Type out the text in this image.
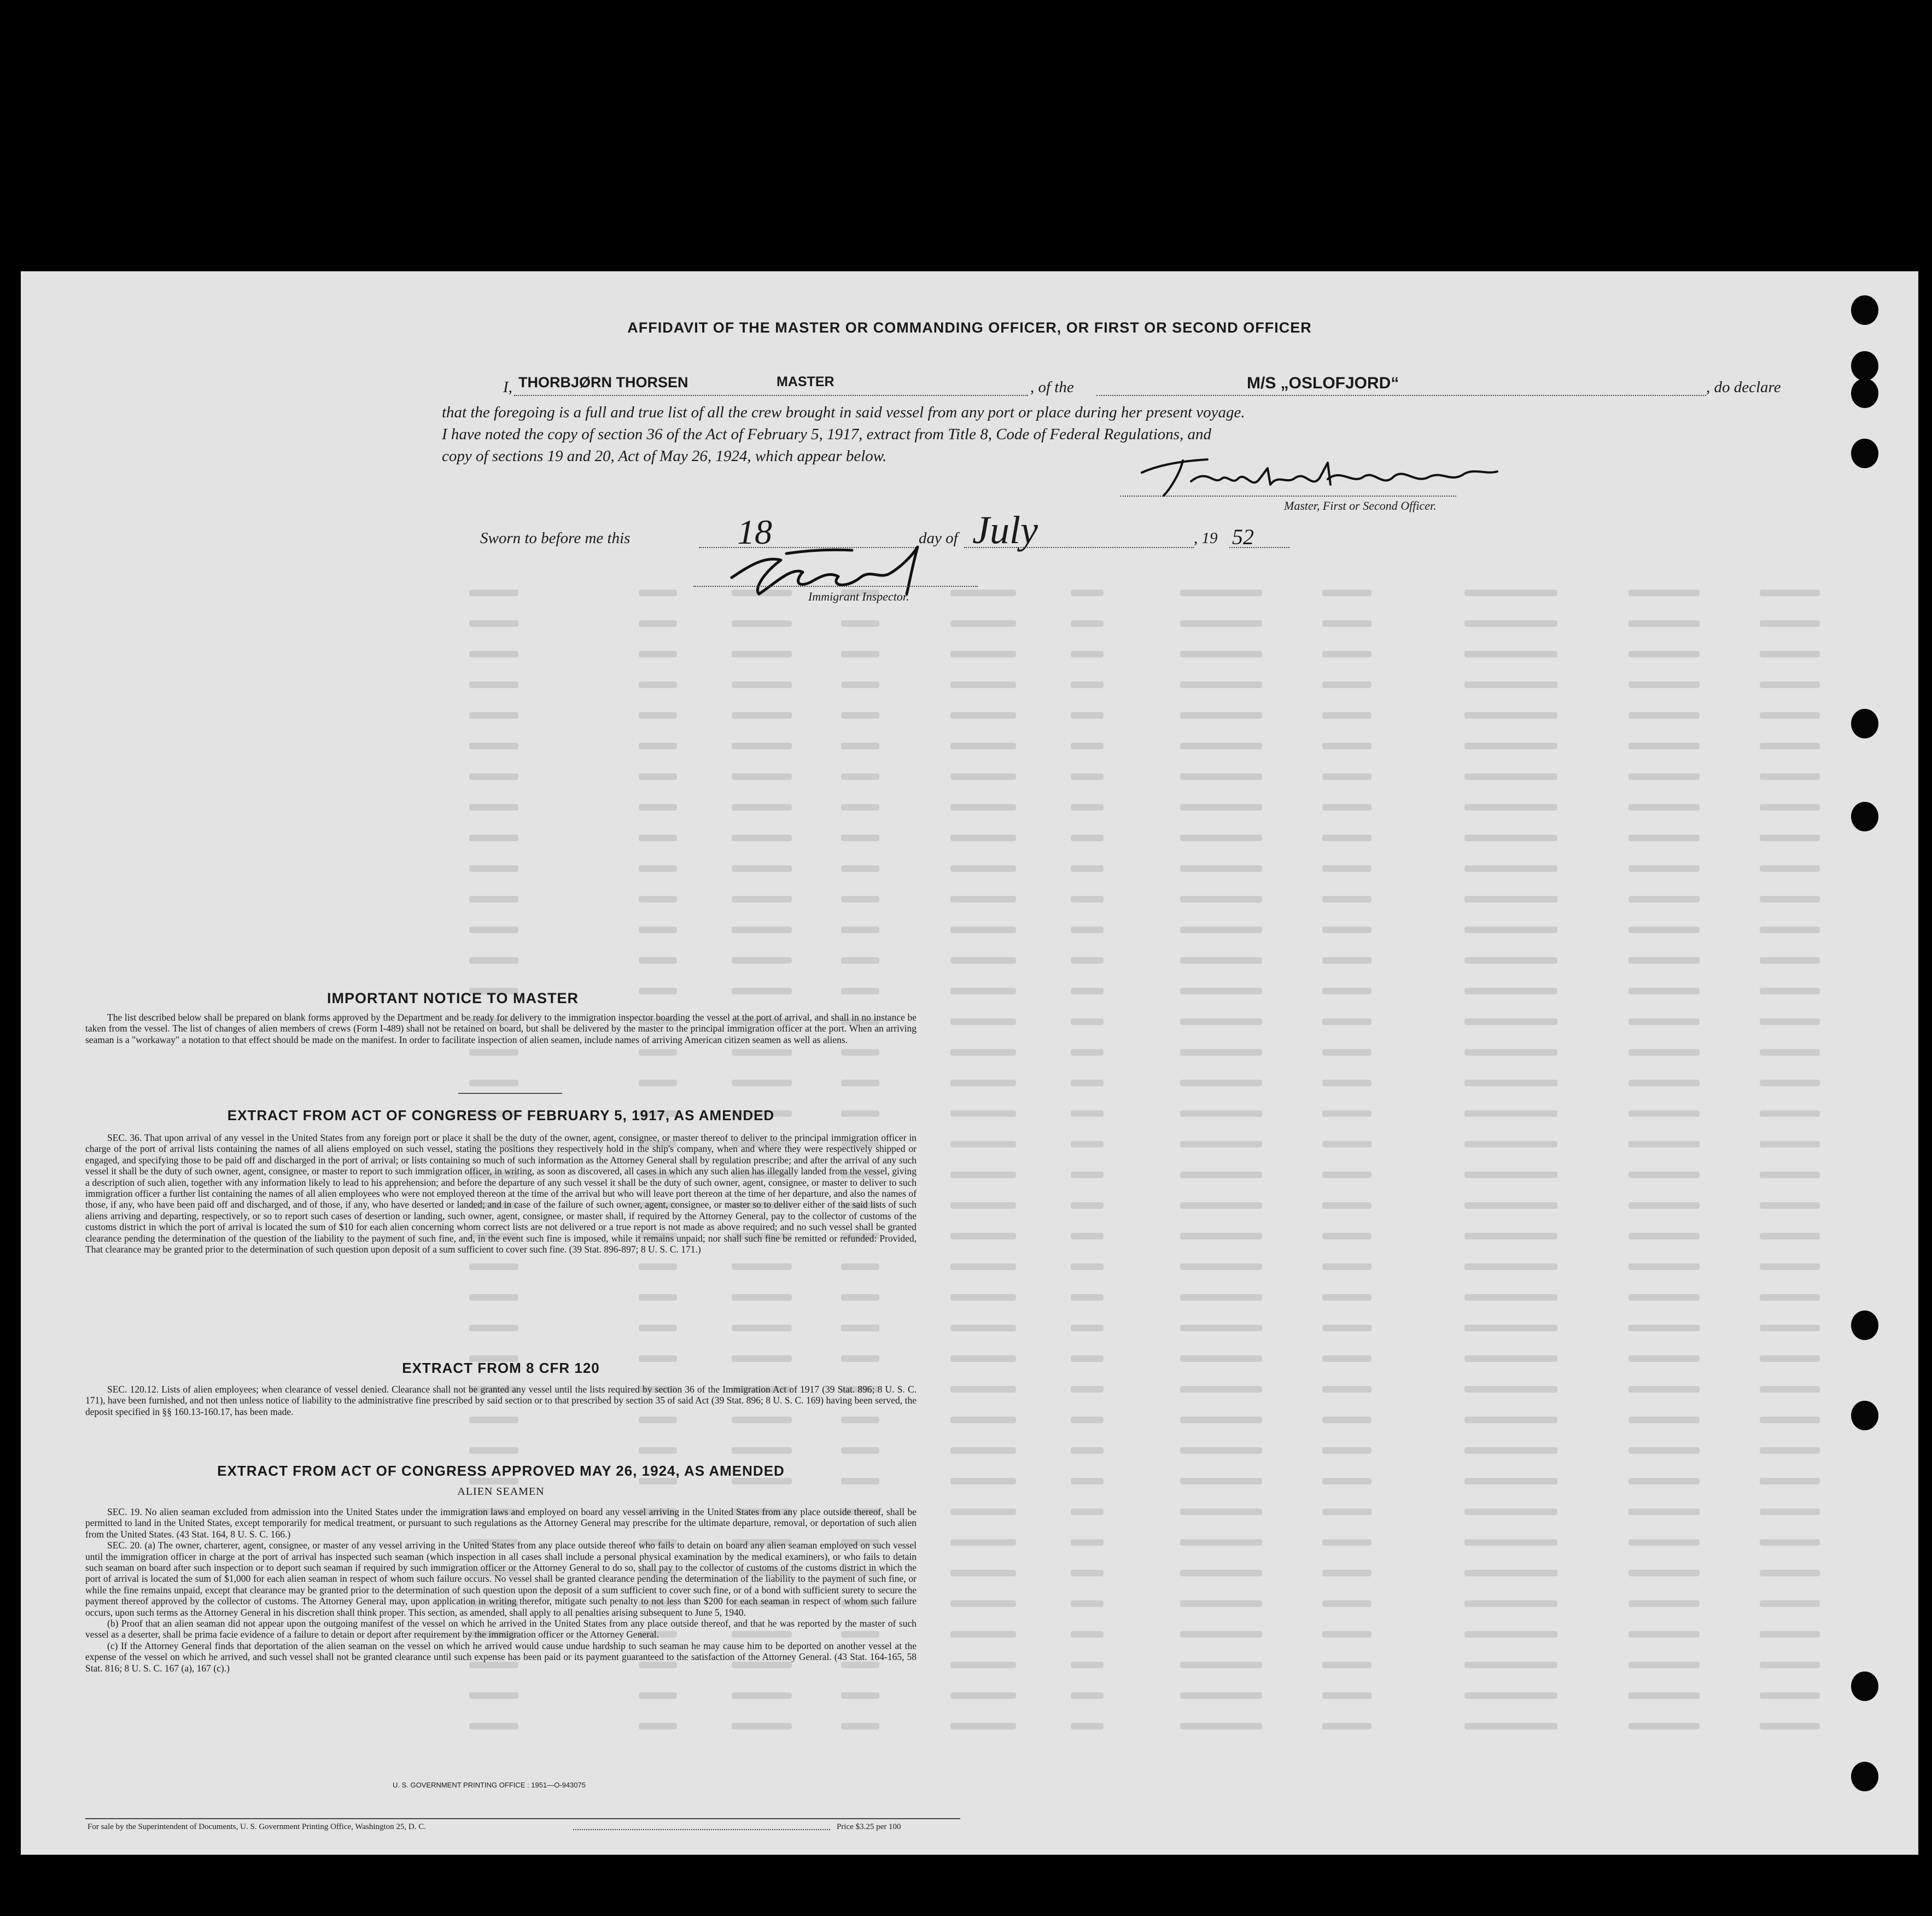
AFFIDAVIT OF THE MASTER OR COMMANDING OFFICER, OR FIRST OR SECOND OFFICER
I, THORBJØRN THORSEN	MASTER	, of the	M/S „OSLOFJORD“	, do declare
that the foregoing is a full and true list of all the crew brought in said vessel from any port or place during her present voyage.
I have noted the copy of section 36 of the Act of February 5, 1917, extract from Title 8, Code of Federal Regulations, and
copy of sections 19 and 20, Act of May 26, 1924, which appear below.
Master, First or Second Officer.
Sworn to before me this	18	day of July	, 19 52
Immigrant Inspector.
IMPORTANT NOTICE TO MASTER

The list described below shall be prepared on blank forms approved by the Department and be ready for delivery to the immigration inspector boarding the vessel at the port of arrival, and shall in no instance be taken from the vessel. The list of changes of alien members of crews (Form I-489) shall not be retained on board, but shall be delivered by the master to the principal immigration officer at the port. When an arriving seaman is a "workaway" a notation to that effect should be made on the manifest. In order to facilitate inspection of alien seamen, include names of arriving American citizen seamen as well as aliens.

EXTRACT FROM ACT OF CONGRESS OF FEBRUARY 5, 1917, AS AMENDED

SEC. 36. That upon arrival of any vessel in the United States from any foreign port or place it shall be the duty of the owner, agent, consignee, or master thereof to deliver to the principal immigration officer in charge of the port of arrival lists containing the names of all aliens employed on such vessel, stating the positions they respectively hold in the ship's company, when and where they were respectively shipped or engaged, and specifying those to be paid off and discharged in the port of arrival; or lists containing so much of such information as the Attorney General shall by regulation prescribe; and after the arrival of any such vessel it shall be the duty of such owner, agent, consignee, or master to report to such immigration officer, in writing, as soon as discovered, all cases in which any such alien has illegally landed from the vessel, giving a description of such alien, together with any information likely to lead to his apprehension; and before the departure of any such vessel it shall be the duty of such owner, agent, consignee, or master to deliver to such immigration officer a further list containing the names of all alien employees who were not employed thereon at the time of the arrival but who will leave port thereon at the time of her departure, and also the names of those, if any, who have been paid off and discharged, and of those, if any, who have deserted or landed; and in case of the failure of such owner, agent, consignee, or master so to deliver either of the said lists of such aliens arriving and departing, respectively, or so to report such cases of desertion or landing, such owner, agent, consignee, or master shall, if required by the Attorney General, pay to the collector of customs of the customs district in which the port of arrival is located the sum of $10 for each alien concerning whom correct lists are not delivered or a true report is not made as above required; and no such vessel shall be granted clearance pending the determination of the question of the liability to the payment of such fine, and, in the event such fine is imposed, while it remains unpaid; nor shall such fine be remitted or refunded: Provided, That clearance may be granted prior to the determination of such question upon deposit of a sum sufficient to cover such fine. (39 Stat. 896-897; 8 U. S. C. 171.)

EXTRACT FROM 8 CFR 120

SEC. 120.12. Lists of alien employees; when clearance of vessel denied. Clearance shall not be granted any vessel until the lists required by section 36 of the Immigration Act of 1917 (39 Stat. 896; 8 U. S. C. 171), have been furnished, and not then unless notice of liability to the administrative fine prescribed by said section or to that prescribed by section 35 of said Act (39 Stat. 896; 8 U. S. C. 169) having been served, the deposit specified in §§ 160.13-160.17, has been made.

EXTRACT FROM ACT OF CONGRESS APPROVED MAY 26, 1924, AS AMENDED
ALIEN SEAMEN

SEC. 19. No alien seaman excluded from admission into the United States under the immigration laws and employed on board any vessel arriving in the United States from any place outside thereof, shall be permitted to land in the United States, except temporarily for medical treatment, or pursuant to such regulations as the Attorney General may prescribe for the ultimate departure, removal, or deportation of such alien from the United States. (43 Stat. 164, 8 U. S. C. 166.)

SEC. 20. (a) The owner, charterer, agent, consignee, or master of any vessel arriving in the United States from any place outside thereof who fails to detain on board any alien seaman employed on such vessel until the immigration officer in charge at the port of arrival has inspected such seaman (which inspection in all cases shall include a personal physical examination by the medical examiners), or who fails to detain such seaman on board after such inspection or to deport such seaman if required by such immigration officer or the Attorney General to do so, shall pay to the collector of customs of the customs district in which the port of arrival is located the sum of $1,000 for each alien seaman in respect of whom such failure occurs. No vessel shall be granted clearance pending the determination of the liability to the payment of such fine, or while the fine remains unpaid, except that clearance may be granted prior to the determination of such question upon the deposit of a sum sufficient to cover such fine, or of a bond with sufficient surety to secure the payment thereof approved by the collector of customs. The Attorney General may, upon application in writing therefor, mitigate such penalty to not less than $200 for each seaman in respect of whom such failure occurs, upon such terms as the Attorney General in his discretion shall think proper. This section, as amended, shall apply to all penalties arising subsequent to June 5, 1940.

(b) Proof that an alien seaman did not appear upon the outgoing manifest of the vessel on which he arrived in the United States from any place outside thereof, and that he was reported by the master of such vessel as a deserter, shall be prima facie evidence of a failure to detain or deport after requirement by the immigration officer or the Attorney General.

(c) If the Attorney General finds that deportation of the alien seaman on the vessel on which he arrived would cause undue hardship to such seaman he may cause him to be deported on another vessel at the expense of the vessel on which he arrived, and such vessel shall not be granted clearance until such expense has been paid or its payment guaranteed to the satisfaction of the Attorney General. (43 Stat. 164-165, 58 Stat. 816; 8 U. S. C. 167 (a), 167 (c).)

U. S. GOVERNMENT PRINTING OFFICE : 1951—O-943075
For sale by the Superintendent of Documents, U. S. Government Printing Office, Washington 25, D. C.	Price $3.25 per 100
